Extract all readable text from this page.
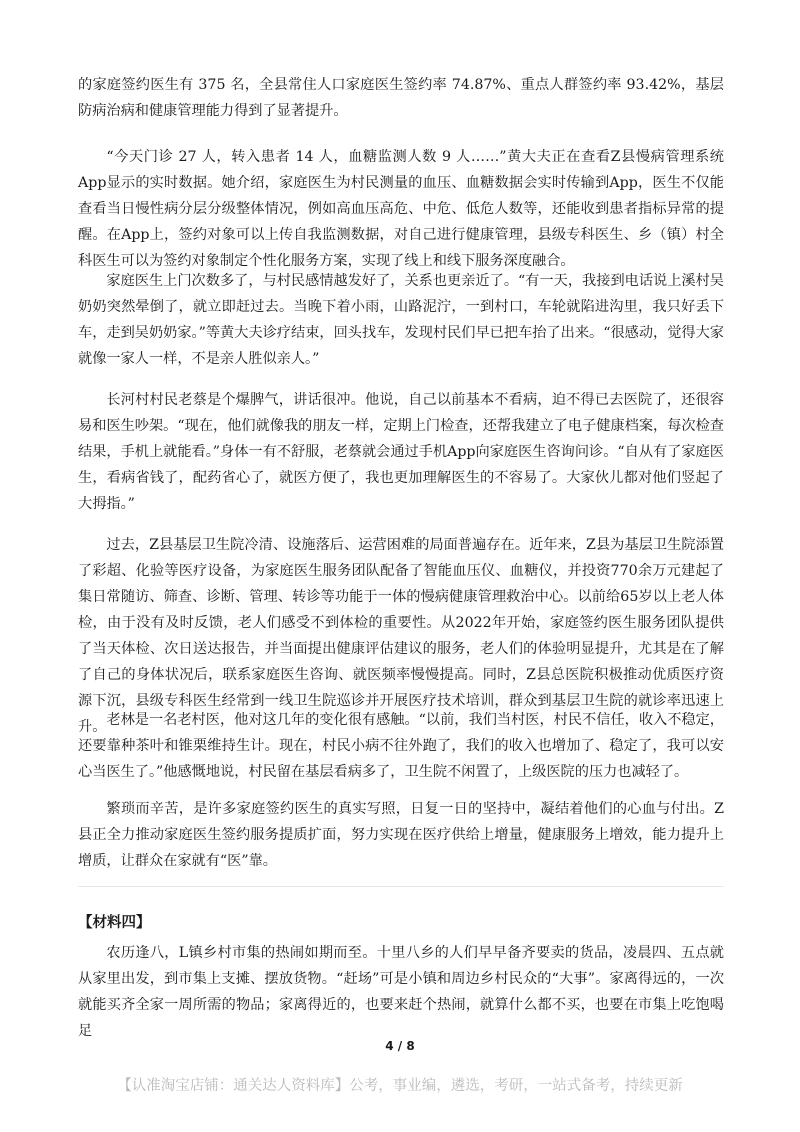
的家庭签约医生有 375 名，全县常住人口家庭医生签约率 74.87%、重点人群签约率 93.42%，基层防病治病和健康管理能力得到了显著提升。

“今天门诊 27 人，转入患者 14 人，血糖监测人数 9 人……”黄大夫正在查看Z县慢病管理系统App显示的实时数据。她介绍，家庭医生为村民测量的血压、血糖数据会实时传输到App，医生不仅能查看当日慢性病分层分级整体情况，例如高血压高危、中危、低危人数等，还能收到患者指标异常的提醒。在App上，签约对象可以上传自我监测数据，对自己进行健康管理，县级专科医生、乡（镇）村全科医生可以为签约对象制定个性化服务方案，实现了线上和线下服务深度融合。

家庭医生上门次数多了，与村民感情越发好了，关系也更亲近了。“有一天，我接到电话说上溪村吴奶奶突然晕倒了，就立即赶过去。当晚下着小雨，山路泥泞，一到村口，车轮就陷进沟里，我只好丢下车，走到吴奶奶家。”等黄大夫诊疗结束，回头找车，发现村民们早已把车抬了出来。“很感动，觉得大家就像一家人一样，不是亲人胜似亲人。”

长河村村民老蔡是个爆脾气，讲话很冲。他说，自己以前基本不看病，迫不得已去医院了，还很容易和医生吵架。“现在，他们就像我的朋友一样，定期上门检查，还帮我建立了电子健康档案，每次检查结果，手机上就能看。”身体一有不舒服，老蔡就会通过手机App向家庭医生咨询问诊。“自从有了家庭医生，看病省钱了，配药省心了，就医方便了，我也更加理解医生的不容易了。大家伙儿都对他们竖起了大拇指。”

过去，Z县基层卫生院冷清、设施落后、运营困难的局面普遍存在。近年来，Z县为基层卫生院添置了彩超、化验等医疗设备，为家庭医生服务团队配备了智能血压仪、血糖仪，并投资770余万元建起了集日常随访、筛查、诊断、管理、转诊等功能于一体的慢病健康管理救治中心。以前给65岁以上老人体检，由于没有及时反馈，老人们感受不到体检的重要性。从2022年开始，家庭签约医生服务团队提供了当天体检、次日送达报告，并当面提出健康评估建议的服务，老人们的体验明显提升，尤其是在了解了自己的身体状况后，联系家庭医生咨询、就医频率慢慢提高。同时，Z县总医院积极推动优质医疗资源下沉，县级专科医生经常到一线卫生院巡诊并开展医疗技术培训，群众到基层卫生院的就诊率迅速上升。 老林是一名老村医，他对这几年的变化很有感触。“以前，我们当村医，村民不信任，收入不稳定，还要靠种茶叶和锥栗维持生计。现在，村民小病不往外跑了，我们的收入也增加了、稳定了，我可以安心当医生了。”他感慨地说，村民留在基层看病多了，卫生院不闲置了，上级医院的压力也减轻了。

繁琐而辛苦，是许多家庭签约医生的真实写照，日复一日的坚持中，凝结着他们的心血与付出。Z县正全力推动家庭医生签约服务提质扩面，努力实现在医疗供给上增量，健康服务上增效，能力提升上增质，让群众在家就有“医”靠。

【材料四】

农历逢八，L镇乡村市集的热闹如期而至。十里八乡的人们早早备齐要卖的货品，凌晨四、五点就从家里出发，到市集上支摊、摆放货物。“赶场”可是小镇和周边乡村民众的“大事”。家离得远的，一次就能买齐全家一周所需的物品；家离得近的，也要来赶个热闹，就算什么都不买，也要在市集上吃饱喝足

4 / 8
【认准淘宝店铺：通关达人资料库】公考，事业编，遴选，考研，一站式备考，持续更新
